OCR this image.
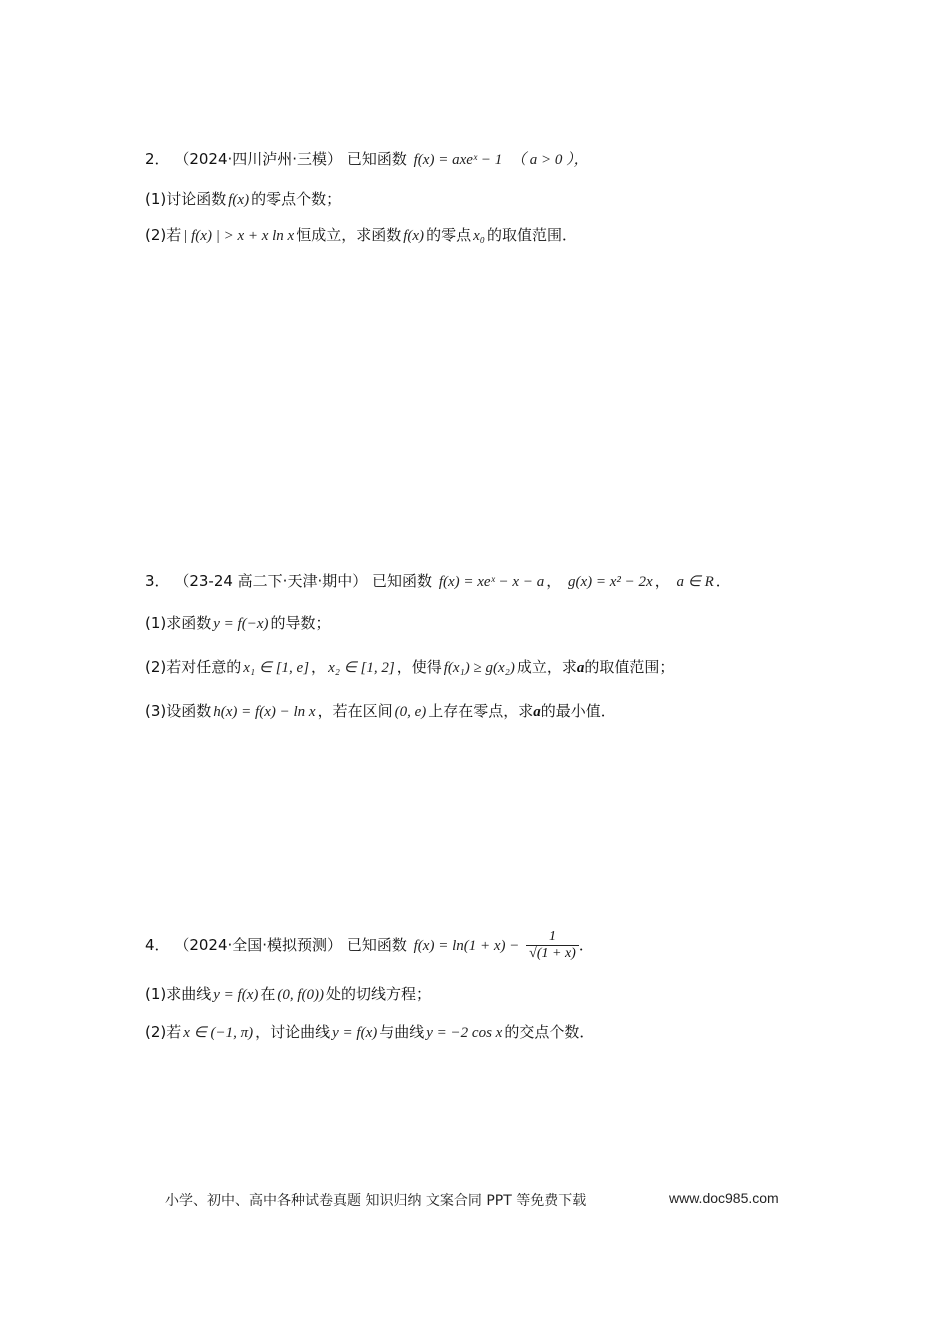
2． （2024·四川泸州·三模） 已知函数 f(x) = axeˣ − 1 （ a > 0 ），
(1)讨论函数 f(x) 的零点个数；
(2)若 | f(x) | > x + x ln x 恒成立，求函数 f(x) 的零点 x₀ 的取值范围．
3． （23-24 高二下·天津·期中） 已知函数 f(x) = xeˣ − x − a ， g(x) = x² − 2x ， a ∈ R ．
(1)求函数 y = f(−x) 的导数；
(2)若对任意的 x₁ ∈ [1, e] ， x₂ ∈ [1, 2] ，使得 f(x₁) ≥ g(x₂) 成立，求a的取值范围；
(3)设函数 h(x) = f(x) − ln x ，若在区间 (0, e) 上存在零点，求a的最小值．
4． （2024·全国·模拟预测） 已知函数 $f(x) = \ln(1 + x) - \frac{1}{√(1 + x)}$ ．
(1)求曲线 y = f(x) 在 (0, f(0)) 处的切线方程；
(2)若 x ∈ (−1, π) ，讨论曲线 y = f(x) 与曲线 y = −2 cos x 的交点个数．
小学、初中、高中各种试卷真题 知识归纳 文案合同 PPT 等免费下载	www.doc985.com
